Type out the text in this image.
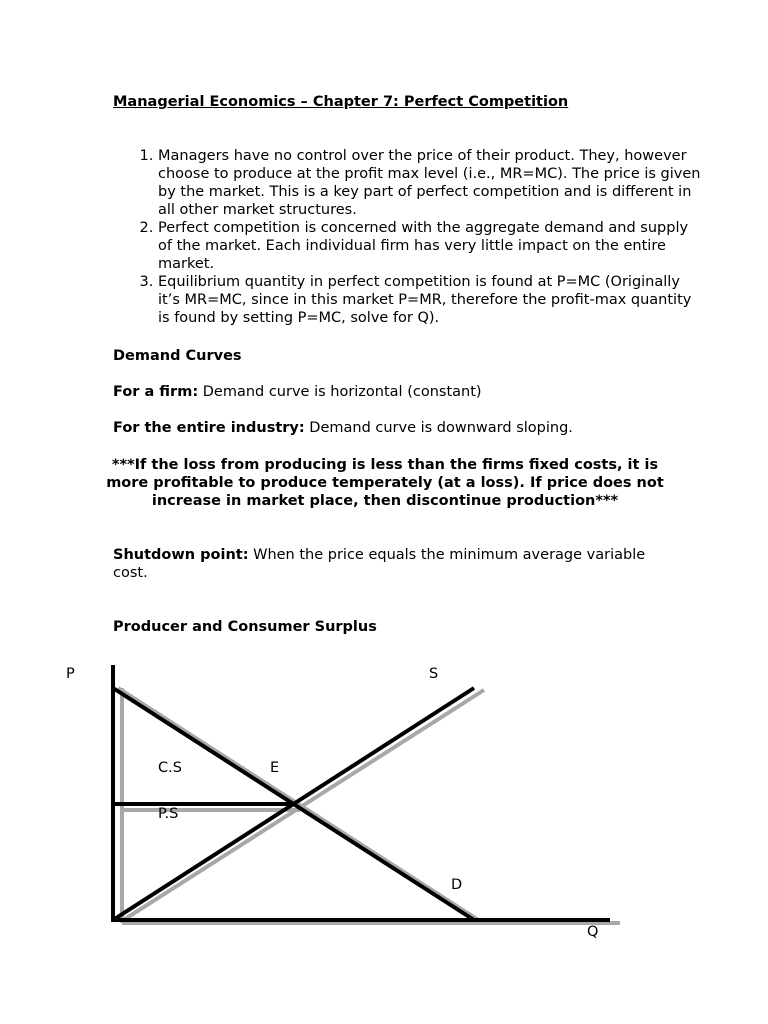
Managerial Economics – Chapter 7: Perfect Competition
1. Managers have no control over the price of their product. They, however choose to produce at the profit max level (i.e., MR=MC). The price is given by the market. This is a key part of perfect competition and is different in all other market structures.
2. Perfect competition is concerned with the aggregate demand and supply of the market. Each individual firm has very little impact on the entire market.
3. Equilibrium quantity in perfect competition is found at P=MC (Originally it’s MR=MC, since in this market P=MR, therefore the profit-max quantity is found by setting P=MC, solve for Q).
Demand Curves
For a firm: Demand curve is horizontal (constant)
For the entire industry: Demand curve is downward sloping.
***If the loss from producing is less than the firms fixed costs, it is more profitable to produce temperately (at a loss). If price does not increase in market place, then discontinue production***
Shutdown point: When the price equals the minimum average variable cost.
Producer and Consumer Surplus
P	S
C.S	E
P.S
D
Q
